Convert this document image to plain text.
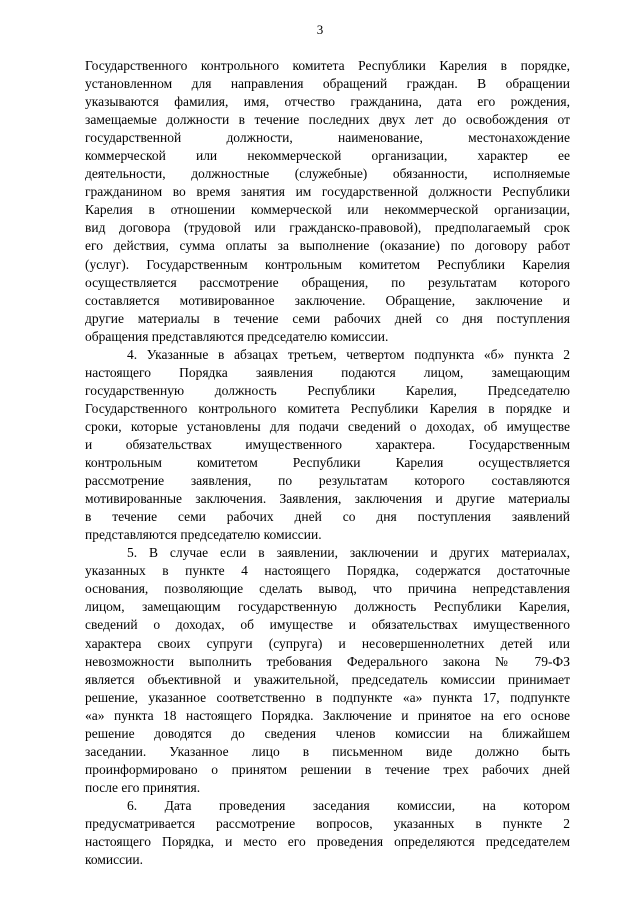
3
Государственного контрольного комитета Республики Карелия в порядке,
установленном для направления обращений граждан. В обращении
указываются фамилия, имя, отчество гражданина, дата его рождения,
замещаемые должности в течение последних двух лет до освобождения от
государственной должности, наименование, местонахождение
коммерческой или некоммерческой организации, характер ее
деятельности, должностные (служебные) обязанности, исполняемые
гражданином во время занятия им государственной должности Республики
Карелия в отношении коммерческой или некоммерческой организации,
вид договора (трудовой или гражданско-правовой), предполагаемый срок
его действия, сумма оплаты за выполнение (оказание) по договору работ
(услуг). Государственным контрольным комитетом Республики Карелия
осуществляется рассмотрение обращения, по результатам которого
составляется мотивированное заключение. Обращение, заключение и
другие материалы в течение семи рабочих дней со дня поступления
обращения представляются председателю комиссии.
4. Указанные в абзацах третьем, четвертом подпункта «б» пункта 2
настоящего Порядка заявления подаются лицом, замещающим
государственную должность Республики Карелия, Председателю
Государственного контрольного комитета Республики Карелия в порядке и
сроки, которые установлены для подачи сведений о доходах, об имуществе
и обязательствах имущественного характера. Государственным
контрольным комитетом Республики Карелия осуществляется
рассмотрение заявления, по результатам которого составляются
мотивированные заключения. Заявления, заключения и другие материалы
в течение семи рабочих дней со дня поступления заявлений
представляются председателю комиссии.
5. В случае если в заявлении, заключении и других материалах,
указанных в пункте 4 настоящего Порядка, содержатся достаточные
основания, позволяющие сделать вывод, что причина непредставления
лицом, замещающим государственную должность Республики Карелия,
сведений о доходах, об имуществе и обязательствах имущественного
характера своих супруги (супруга) и несовершеннолетних детей или
невозможности выполнить требования Федерального закона № 79-ФЗ
является объективной и уважительной, председатель комиссии принимает
решение, указанное соответственно в подпункте «а» пункта 17, подпункте
«а» пункта 18 настоящего Порядка. Заключение и принятое на его основе
решение доводятся до сведения членов комиссии на ближайшем
заседании. Указанное лицо в письменном виде должно быть
проинформировано о принятом решении в течение трех рабочих дней
после его принятия.
6. Дата проведения заседания комиссии, на котором
предусматривается рассмотрение вопросов, указанных в пункте 2
настоящего Порядка, и место его проведения определяются председателем
комиссии.
